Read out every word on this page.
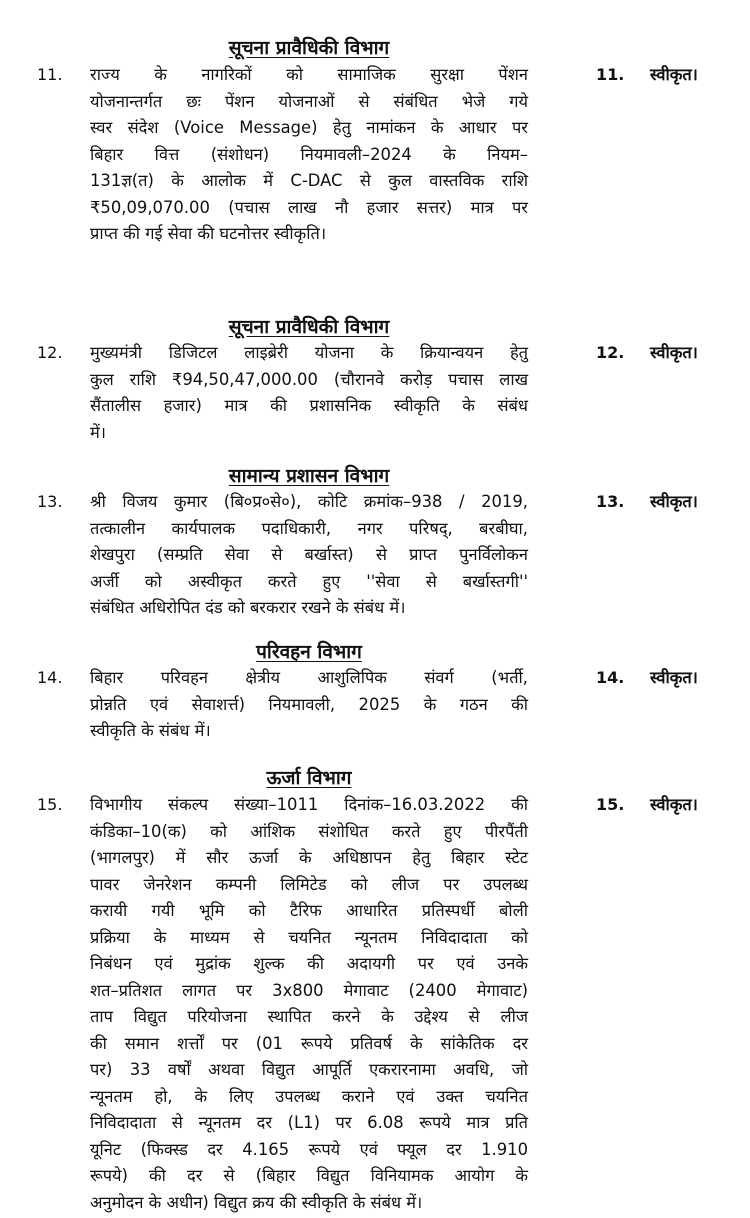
सूचना प्रावैधिकी विभाग
11. राज्य के नागरिकों को सामाजिक सुरक्षा पेंशन
योजनान्तर्गत छः पेंशन योजनाओं से संबंधित भेजे गये
स्वर संदेश (Voice Message) हेतु नामांकन के आधार पर
बिहार वित्त (संशोधन) नियमावली–2024 के नियम–
131ज्ञ(त) के आलोक में C-DAC से कुल वास्तविक राशि
₹50,09,070.00 (पचास लाख नौ हजार सत्तर) मात्र पर
प्राप्त की गई सेवा की घटनोत्तर स्वीकृति।
11. स्वीकृत।
सूचना प्रावैधिकी विभाग
12. मुख्यमंत्री डिजिटल लाइब्रेरी योजना के क्रियान्वयन हेतु
कुल राशि ₹94,50,47,000.00 (चौरानवे करोड़ पचास लाख
सैंतालीस हजार) मात्र की प्रशासनिक स्वीकृति के संबंध
में।
12. स्वीकृत।
सामान्य प्रशासन विभाग
13. श्री विजय कुमार (बि०प्र०से०), कोटि क्रमांक–938 / 2019,
तत्कालीन कार्यपालक पदाधिकारी, नगर परिषद्, बरबीघा,
शेखपुरा (सम्प्रति सेवा से बर्खास्त) से प्राप्त पुनर्विलोकन
अर्जी को अस्वीकृत करते हुए ''सेवा से बर्खास्तगी''
संबंधित अधिरोपित दंड को बरकरार रखने के संबंध में।
13. स्वीकृत।
परिवहन विभाग
14. बिहार परिवहन क्षेत्रीय आशुलिपिक संवर्ग (भर्ती,
प्रोन्नति एवं सेवाशर्त्त) नियमावली, 2025 के गठन की
स्वीकृति के संबंध में।
14. स्वीकृत।
ऊर्जा विभाग
15. विभागीय संकल्प संख्या–1011 दिनांक–16.03.2022 की
कंडिका–10(क) को आंशिक संशोधित करते हुए पीरपैंती
(भागलपुर) में सौर ऊर्जा के अधिष्ठापन हेतु बिहार स्टेट
पावर जेनरेशन कम्पनी लिमिटेड को लीज पर उपलब्ध
करायी गयी भूमि को टैरिफ आधारित प्रतिस्पर्धी बोली
प्रक्रिया के माध्यम से चयनित न्यूनतम निविदादाता को
निबंधन एवं मुद्रांक शुल्क की अदायगी पर एवं उनके
शत–प्रतिशत लागत पर 3x800 मेगावाट (2400 मेगावाट)
ताप विद्युत परियोजना स्थापित करने के उद्देश्य से लीज
की समान शर्त्तों पर (01 रूपये प्रतिवर्ष के सांकेतिक दर
पर) 33 वर्षों अथवा विद्युत आपूर्ति एकरारनामा अवधि, जो
न्यूनतम हो, के लिए उपलब्ध कराने एवं उक्त चयनित
निविदादाता से न्यूनतम दर (L1) पर 6.08 रूपये मात्र प्रति
यूनिट (फिक्स्ड दर 4.165 रूपये एवं फ्यूल दर 1.910
रूपये) की दर से (बिहार विद्युत विनियामक आयोग के
अनुमोदन के अधीन) विद्युत क्रय की स्वीकृति के संबंध में।
15. स्वीकृत।
